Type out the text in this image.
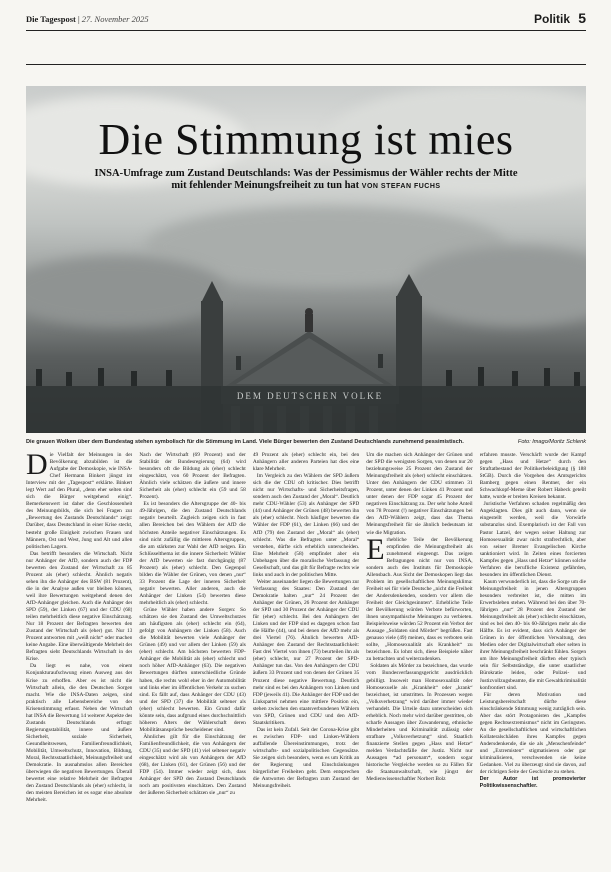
Die Tagespost | 27. November 2025	Politik 5
DEM DEUTSCHEN VOLKE
Die Stimmung ist mies
INSA-Umfrage zum Zustand Deutschlands: Was der Pessimismus der Wähler rechts der Mitte mit fehlender Meinungsfreiheit zu tun hat VON STEFAN FUCHS
Die grauen Wolken über dem Bundestag stehen symbolisch für die Stimmung im Land. Viele Bürger bewerten den Zustand Deutschlands zunehmend pessimistisch.	Foto: Imago/Moritz Schlenk

Die Vielfalt der Meinungen in der Bevölkerung abzubilden ist die Aufgabe der Demoskopie, wie INSA-Chef Hermann Binkert jüngst im Interview mit der „Tagespost“ erklärte. Binkert legt Wert auf den Plural, „denn eher selten sind sich die Bürger weitgehend einig“. Bemerkenswert ist daher die Geschlossenheit des Meinungsbilds, die sich bei Fragen zur „Bewertung des Zustands Deutschlands“ zeigt: Darüber, dass Deutschland in einer Krise steckt, besteht große Einigkeit zwischen Frauen und Männern, Ost und West, Jung und Alt und allen politischen Lagern.

Das betrifft besonders die Wirtschaft. Nicht nur Anhänger der AfD, sondern auch der FDP bewerten den Zustand der Wirtschaft zu 85 Prozent als (eher) schlecht. Ähnlich negativ sehen ihn die Anhänger des BSW (81 Prozent), die in der Analyse außen vor bleiben können, weil ihre Bewertungen weitgehend denen der AfD-Anhänger gleichen. Auch die Anhänger der SPD (59), der Linken (67) und der CDU (68) teilen mehrheitlich diese negative Einschätzung. Nur 18 Prozent der Befragten bewerten den Zustand der Wirtschaft als (eher) gut. Nur 13 Prozent antworten mit „weiß nicht“ oder machen keine Angabe. Eine überwältigende Mehrheit der Befragten sieht Deutschlands Wirtschaft in der Krise.

Da liegt es nahe, von einem Konjunkturaufschwung einen Ausweg aus der Krise zu erhoffen. Aber es ist nicht die Wirtschaft allein, die den Deutschen Sorgen macht. Wie die INSA-Daten zeigen, sind praktisch alle Lebensbereiche von der Krisenstimmung erfasst. Neben der Wirtschaft hat INSA die Bewertung 14 weiterer Aspekte des Zustands Deutschlands erfragt: Regierungsstabilität, innere und äußere Sicherheit, soziale Sicherheit, Gesundheitswesen, Familienfreundlichkeit, Mobilität, Umweltschutz, Innovation, Bildung, Moral, Rechtsstaatlichkeit, Meinungsfreiheit und Demokratie. In ausnahmslos allen Bereichen überwiegen die negativen Bewertungen. Überall bewertet eine relative Mehrheit der Befragten den Zustand Deutschlands als (eher) schlecht, in den meisten Bereichen ist es sogar eine absolute Mehrheit.

Nach der Wirtschaft (69 Prozent) und der Stabilität der Bundesregierung (64) wird besonders oft die Bildung als (eher) schlecht eingeschätzt, von 60 Prozent der Befragten. Ähnlich viele schätzen die äußere und innere Sicherheit als (eher) schlecht ein (59 und 58 Prozent).

Es ist besonders die Altersgruppe der 40- bis 49-Jährigen, die den Zustand Deutschlands negativ beurteilt. Zugleich zeigen sich in fast allen Bereichen bei den Wählern der AfD die höchsten Anteile negativer Einschätzungen. Es sind nicht zufällig die mittleren Altersgruppen, die am stärksten zur Wahl der AfD neigen. Ein Schlüsselthema ist die innere Sicherheit: Wähler der AfD bewerten sie fast durchgängig (87 Prozent) als (eher) schlecht. Den Gegenpol bilden die Wähler der Grünen, von denen „nur“ 33 Prozent die Lage der inneren Sicherheit negativ bewerten. Aller anderen, auch die Anhänger der Linken (54) bewerten diese mehrheitlich als (eher) schlecht.

Grüne Wähler haben andere Sorgen: So schätzen sie den Zustand des Umweltschutzes am häufigsten als (eher) schlecht ein (64), gefolgt von Anhängern der Linken (58). Auch die Mobilität bewerten viele Anhänger der Grünen (49) und vor allem der Linken (59) als (eher) schlecht. Am höchsten bewerten FDP-Anhänger die Mobilität als (eher) schlecht und noch höher AfD-Anhänger (63). Die negativen Bewertungen dürften unterschiedliche Gründe haben, die rechts wohl eher in der Automobilität und links eher im öffentlichen Verkehr zu suchen sind. Es fällt auf, dass Anhänger der CDU (43) und der SPD (37) die Mobilität seltener als (eher) schlecht bewerten. Ein Grund dafür könnte sein, dass aufgrund eines durchschnittlich höheren Alters der Wählerschaft deren Mobilitätsansprüche bescheidener sind.

Ähnliches gilt für die Einschätzung der Familienfreundlichkeit, die von Anhängern der CDU (35) und der SPD (41) viel seltener negativ eingeschätzt wird als von Anhängern der AfD (68), der Linken (61), der Grünen (56) und der FDP (54). Immer wieder zeigt sich, dass Anhänger der SPD den Zustand Deutschlands noch am positivsten einschätzen. Den Zustand der äußeren Sicherheit schätzen sie „nur“ zu

49 Prozent als (eher) schlecht ein, bei den Anhängern aller anderen Parteien hat dies eine klare Mehrheit.

Im Vergleich zu den Wählern der SPD äußern sich die der CDU oft kritischer. Dies betrifft nicht nur Wirtschafts- und Sicherheitsfragen, sondern auch den Zustand der „Moral“. Deutlich mehr CDU-Wähler (53) als Anhänger der SPD (44) und Anhänger der Grünen (48) bewerten ihn als (eher) schlecht. Noch häufiger bewerten die Wähler der FDP (61), der Linken (66) und der AfD (79) den Zustand der „Moral“ als (eher) schlecht. Was die Befragten unter „Moral“ verstehen, dürfte sich erheblich unterscheiden. Eine Mehrheit (58) empfindet aber ein Unbehagen über die moralische Verfassung der Gesellschaft, und das gilt für Befragte rechts wie links und auch in der politischen Mitte.

Weiter auseinander liegen die Bewertungen zur Verfassung des Staates: Den Zustand der Demokratie halten „nur“ 24 Prozent der Anhänger der Grünen, 26 Prozent der Anhänger der SPD und 30 Prozent der Anhänger der CDU für (eher) schlecht. Bei den Anhängern der Linken und der FDP sind es dagegen schon fast die Hälfte (44), und bei denen der AfD mehr als drei Viertel (76). Ähnlich bewerten AfD-Anhänger den Zustand der Rechtsstaatlichkeit: Fast drei Viertel von ihnen (73) beurteilen ihn als (eher) schlecht, nur 27 Prozent der SPD-Anhänger tun das. Von den Anhängern der CDU äußern 33 Prozent und von denen der Grünen 35 Prozent diese negative Bewertung. Deutlich mehr sind es bei den Anhängern von Linken und FDP (jeweils 41). Die Anhänger der FDP und der Linkspartei nehmen eine mittlere Position ein, stehen zwischen den staatsverbundenen Wählern von SPD, Grünen und CDU und den AfD-Staatskritikern.

Das ist kein Zufall. Seit der Corona-Krise gibt es zwischen FDP- und Linken-Wählern auffallende Übereinstimmungen, trotz der wirtschafts- und sozialpolitischen Gegensätze. Sie zeigen sich besonders, wenn es um Kritik an der Regierung und Einschränkungen bürgerlicher Freiheiten geht. Dem entsprechen die Antworten der Befragten zum Zustand der Meinungsfreiheit.

Um die machen sich Anhänger der Grünen und der SPD die wenigsten Sorgen, von denen nur 20 beziehungsweise 25 Prozent den Zustand der Meinungsfreiheit als (eher) schlecht einschätzen. Unter den Anhängern der CDU stimmen 31 Prozent, unter denen der Linken 41 Prozent und unter denen der FDP sogar 45 Prozent der negativen Einschätzung zu. Der sehr hohe Anteil von 78 Prozent (!) negativer Einschätzungen bei den AfD-Wählern zeigt, dass das Thema Meinungsfreiheit für sie ähnlich bedeutsam ist wie die Migration.

Erhebliche Teile der Bevölkerung empfinden die Meinungsfreiheit als zunehmend eingeengt. Das zeigen Befragungen nicht nur von INSA, sondern auch des Instituts für Demoskopie Allensbach. Aus Sicht der Demoskopen liegt das Problem im gesellschaftlichen Meinungsklima: Freiheit sei für viele Deutsche „nicht die Freiheit der Andersdenkenden, sondern vor allem die Freiheit der Gleichgesinnten“. Erhebliche Teile der Bevölkerung würden Verbote befürworten, ihnen unsympathische Meinungen zu verbieten. Beispielsweise würden 52 Prozent ein Verbot der Aussage „Soldaten sind Mörder“ begrüßen. Fast genauso viele (49) meinen, dass es verboten sein sollte, „Homosexualität als Krankheit“ zu bezeichnen. Es lohnt sich, diese Beispiele näher zu betrachten und weiterzudenken.

Soldaten als Mörder zu bezeichnen, das wurde vom Bundesverfassungsgericht ausdrücklich gebilligt. Insoweit man Homosexualität oder Homosexuelle als „Krankheit“ oder „krank“ bezeichnet, ist umstritten. In Prozessen wegen „Volksverhetzung“ wird darüber immer wieder verhandelt. Die Urteile dazu unterscheiden sich erheblich. Noch mehr wird darüber gestritten, ob scharfe Aussagen über Zuwanderung, ethnische Minderheiten und Kriminalität zulässig oder strafbare „Volksverhetzung“ sind. Staatlich finanzierte Stellen gegen „Hass und Hetze“ melden Verdachtsfälle der Justiz. Nicht nur Aussagen *ad personam*, sondern sogar historische Vergleiche werden so zu Fällen für die Staatsanwaltschaft, wie jüngst der Medienwissenschaftler Norbert Bolz

erfahren musste. Verschärft wurde der Kampf gegen „Hass und Hetze“ durch den Straftatbestand der Politikerbeleidigung (§ 188 StGB). Durch die Vorgehen des Amtsgerichts Bamberg gegen einen Rentner, der ein Schwachkopf-Meme über Robert Habeck geteilt hatte, wurde er breiten Kreisen bekannt.

Juristische Verfahren schaden regelmäßig den Angeklagten. Dies gilt auch dann, wenn sie eingestellt werden, weil die Vorwürfe substanzlos sind. Exemplarisch ist der Fall von Pastor Latzel, der wegen seiner Haltung zur Homosexualität zwar nicht strafrechtlich, aber von seiner Bremer Evangelischen Kirche sanktioniert wird. In Zeiten eines forcierten Kampfes gegen „Hass und Hetze“ können solche Verfahren die berufliche Existenz gefährden, besonders im öffentlichen Dienst.

Kaum verwunderlich ist, dass die Sorge um die Meinungsfreiheit in jenen Altersgruppen besonders verbreitet ist, die mitten im Erwerbsleben stehen. Während bei den über 70-Jährigen „nur“ 28 Prozent den Zustand der Meinungsfreiheit als (eher) schlecht einschätzen, sind es bei den 40- bis 60-Jährigen mehr als die Hälfte. Es ist evident, dass sich Anhänger der Grünen in der öffentlichen Verwaltung, den Medien oder der Digitalwirtschaft eher selten in ihrer Meinungsfreiheit beschränkt fühlen. Sorgen um ihre Meinungsfreiheit dürften eher typisch sein für Selbstständige, die unter staatlicher Bürokratie leiden, oder Polizei- und Justizvollzugsbeamte, die mit Gewaltkriminalität konfrontiert sind.

Für deren Motivation und Leistungsbereitschaft dürfte diese einschränkende Stimmung wenig zuträglich sein. Aber das stört Protagonisten des „Kampfes gegen Rechtsextremismus“ nicht im Geringsten. An die gesellschaftlichen und wirtschaftlichen Kollateralschäden ihres Kampfes gegen Andersdenkende, die sie als „Menschenfeinde“ und „Extremisten“ stigmatisieren oder gar kriminalisieren, verschwenden sie keine Gedanken. Viel zu überzeugt sind sie davon, auf der richtigen Seite der Geschichte zu stehen.

Der Autor ist promovierter Politikwissenschaftler.
